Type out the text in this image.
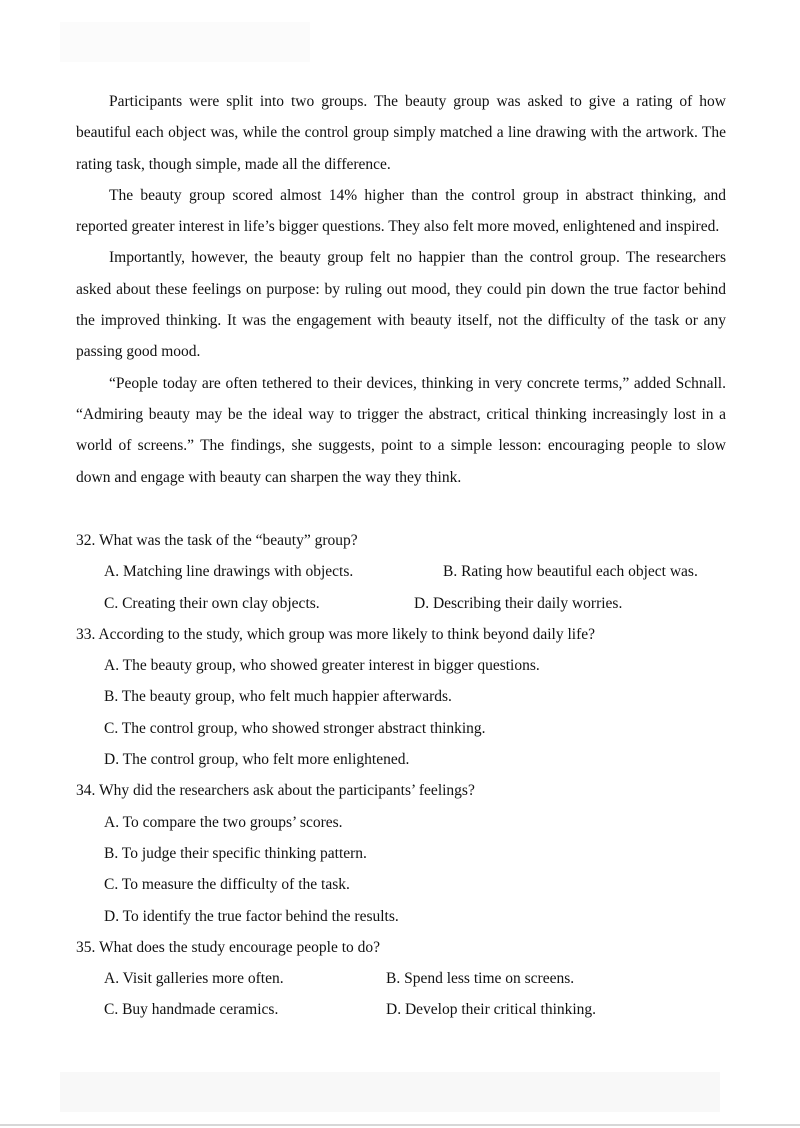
Participants were split into two groups. The beauty group was asked to give a rating of how beautiful each object was, while the control group simply matched a line drawing with the artwork. The rating task, though simple, made all the difference.

The beauty group scored almost 14% higher than the control group in abstract thinking, and reported greater interest in life’s bigger questions. They also felt more moved, enlightened and inspired.

Importantly, however, the beauty group felt no happier than the control group. The researchers asked about these feelings on purpose: by ruling out mood, they could pin down the true factor behind the improved thinking. It was the engagement with beauty itself, not the difficulty of the task or any passing good mood.

“People today are often tethered to their devices, thinking in very concrete terms,” added Schnall. “Admiring beauty may be the ideal way to trigger the abstract, critical thinking increasingly lost in a world of screens.” The findings, she suggests, point to a simple lesson: encouraging people to slow down and engage with beauty can sharpen the way they think.

32. What was the task of the “beauty” group?

A. Matching line drawings with objects.	B. Rating how beautiful each object was.
C. Creating their own clay objects.	D. Describing their daily worries.

33. According to the study, which group was more likely to think beyond daily life?

A. The beauty group, who showed greater interest in bigger questions.
B. The beauty group, who felt much happier afterwards.
C. The control group, who showed stronger abstract thinking.
D. The control group, who felt more enlightened.

34. Why did the researchers ask about the participants’ feelings?

A. To compare the two groups’ scores.
B. To judge their specific thinking pattern.
C. To measure the difficulty of the task.
D. To identify the true factor behind the results.

35. What does the study encourage people to do?

A. Visit galleries more often.	B. Spend less time on screens.
C. Buy handmade ceramics.	D. Develop their critical thinking.
